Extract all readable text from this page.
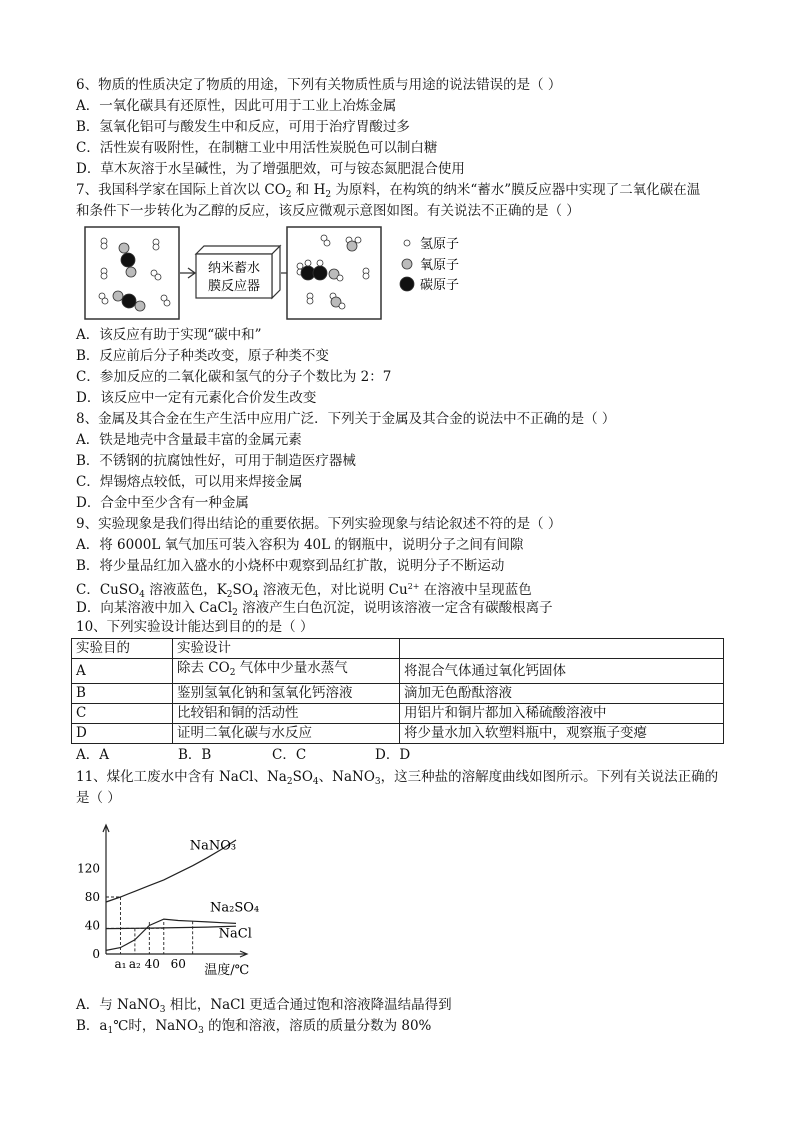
6、物质的性质决定了物质的用途，下列有关物质性质与用途的说法错误的是（ ）
A．一氧化碳具有还原性，因此可用于工业上冶炼金属
B．氢氧化铝可与酸发生中和反应，可用于治疗胃酸过多
C．活性炭有吸附性，在制糖工业中用活性炭脱色可以制白糖
D．草木灰溶于水呈碱性，为了增强肥效，可与铵态氮肥混合使用
7、我国科学家在国际上首次以 $CO_2$ 和 $H_2$ 为原料，在构筑的纳米“蓄水”膜反应器中实现了二氧化碳在温
和条件下一步转化为乙醇的反应，该反应微观示意图如图。有关说法不正确的是（ ）
纳米蓄水
膜反应器
氢原子
氧原子
碳原子
A．该反应有助于实现“碳中和”
B．反应前后分子种类改变，原子种类不变
C．参加反应的二氧化碳和氢气的分子个数比为 2：7
D．该反应中一定有元素化合价发生改变
8、金属及其合金在生产生活中应用广泛．下列关于金属及其合金的说法中不正确的是（ ）
A．铁是地壳中含量最丰富的金属元素
B．不锈钢的抗腐蚀性好，可用于制造医疗器械
C．焊锡熔点较低，可以用来焊接金属
D．合金中至少含有一种金属
9、实验现象是我们得出结论的重要依据。下列实验现象与结论叙述不符的是（ ）
A．将 6000L 氧气加压可装入容积为 40L 的钢瓶中，说明分子之间有间隙
B．将少量品红加入盛水的小烧杯中观察到品红扩散，说明分子不断运动
C．CuSO$_4$ 溶液蓝色，$K_2SO_4$ 溶液无色，对比说明 $Cu^{2+}$ 在溶液中呈现蓝色
D．向某溶液中加入 CaCl$_2$ 溶液产生白色沉淀，说明该溶液一定含有碳酸根离子
10、下列实验设计能达到目的的是（ ）
实验目的	实验设计	
A	除去 $CO_2$ 气体中少量水蒸气	将混合气体通过氧化钙固体
B	鉴别氢氧化钠和氢氧化钙溶液	滴加无色酚酞溶液
C	比较铝和铜的活动性	用铝片和铜片都加入稀硫酸溶液中
D	证明二氧化碳与水反应	将少量水加入软塑料瓶中，观察瓶子变瘪
A．A	B．B	C．C	D．D
11、煤化工废水中含有 NaCl、$Na_2SO_4$、NaNO$_3$，这三种盐的溶解度曲线如图所示。下列有关说法正确的
是（ ）
0
40
80
120
a₁ a₂ 40 60 温度/℃
NaNO₃
Na₂SO₄
NaCl
A．与 NaNO$_3$ 相比，NaCl 更适合通过饱和溶液降温结晶得到
B．$a_1℃$时，NaNO$_3$ 的饱和溶液，溶质的质量分数为 80%
